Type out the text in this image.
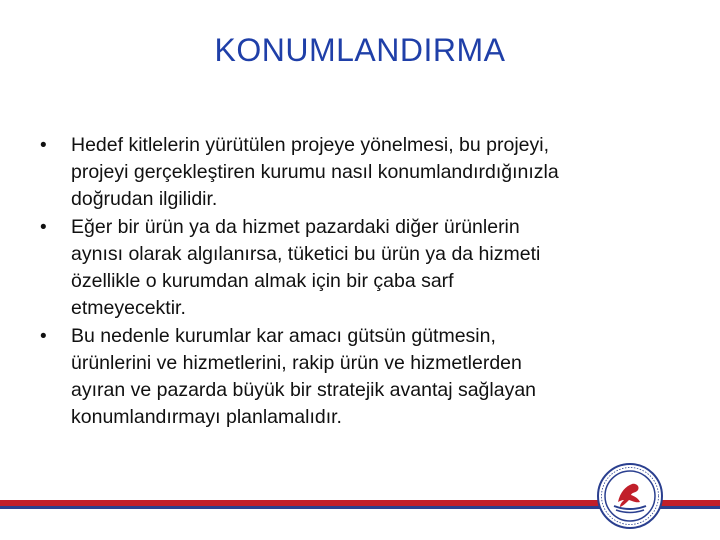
KONUMLANDIRMA
•	Hedef kitlelerin yürütülen projeye yönelmesi, bu projeyi,
projeyi gerçekleştiren kurumu nasıl konumlandırdığınızla
doğrudan ilgilidir.
•	Eğer bir ürün ya da hizmet pazardaki diğer ürünlerin
aynısı olarak algılanırsa, tüketici bu ürün ya da hizmeti
özellikle o kurumdan almak için bir çaba sarf
etmeyecektir.
•	Bu nedenle kurumlar kar amacı gütsün gütmesin,
ürünlerini ve hizmetlerini, rakip ürün ve hizmetlerden
ayıran ve pazarda büyük bir stratejik avantaj sağlayan
konumlandırmayı planlamalıdır.
